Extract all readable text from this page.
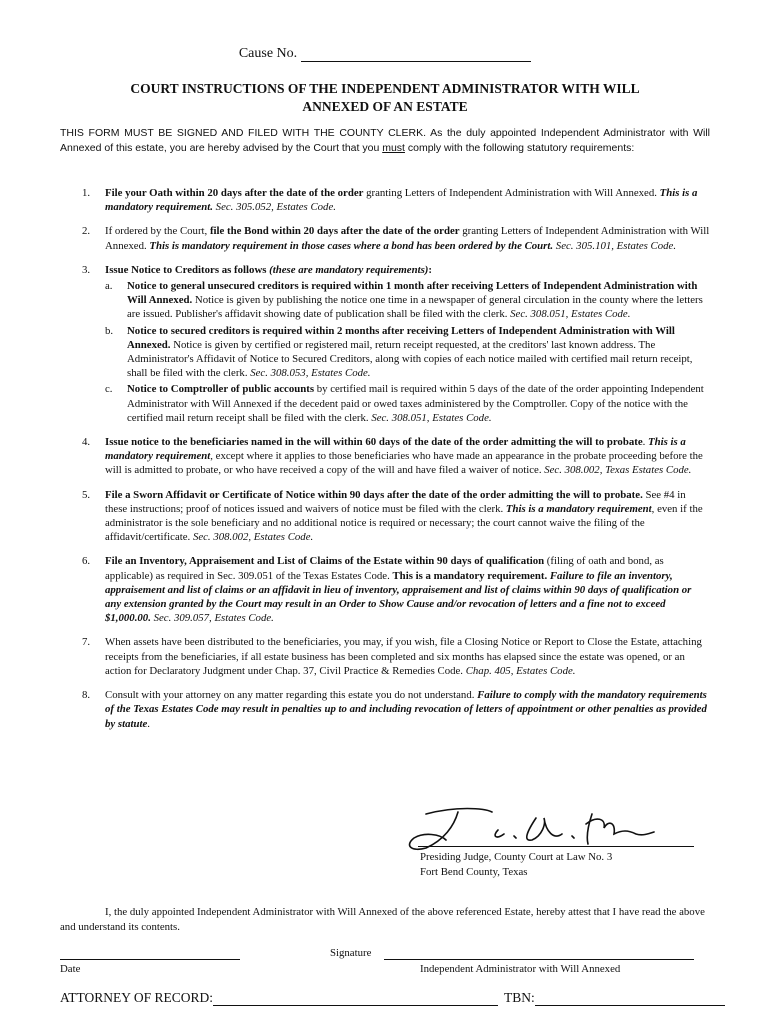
Cause No.
COURT INSTRUCTIONS OF THE INDEPENDENT ADMINISTRATOR WITH WILL
ANNEXED OF AN ESTATE
THIS FORM MUST BE SIGNED AND FILED WITH THE COUNTY CLERK. As the duly appointed Independent Administrator with Will Annexed of this estate, you are hereby advised by the Court that you must comply with the following statutory requirements:
1. File your Oath within 20 days after the date of the order granting Letters of Independent Administration with Will Annexed. This is a mandatory requirement. Sec. 305.052, Estates Code.
2. If ordered by the Court, file the Bond within 20 days after the date of the order granting Letters of Independent Administration with Will Annexed. This is mandatory requirement in those cases where a bond has been ordered by the Court. Sec. 305.101, Estates Code.
3. Issue Notice to Creditors as follows (these are mandatory requirements):
a. Notice to general unsecured creditors is required within 1 month after receiving Letters of Independent Administration with Will Annexed. Notice is given by publishing the notice one time in a newspaper of general circulation in the county where the letters are issued. Publisher's affidavit showing date of publication shall be filed with the clerk. Sec. 308.051, Estates Code.
b. Notice to secured creditors is required within 2 months after receiving Letters of Independent Administration with Will Annexed. Notice is given by certified or registered mail, return receipt requested, at the creditors' last known address. The Administrator's Affidavit of Notice to Secured Creditors, along with copies of each notice mailed with certified mail return receipt, shall be filed with the clerk. Sec. 308.053, Estates Code.
c. Notice to Comptroller of public accounts by certified mail is required within 5 days of the date of the order appointing Independent Administrator with Will Annexed if the decedent paid or owed taxes administered by the Comptroller. Copy of the notice with the certified mail return receipt shall be filed with the clerk. Sec. 308.051, Estates Code.
4. Issue notice to the beneficiaries named in the will within 60 days of the date of the order admitting the will to probate. This is a mandatory requirement, except where it applies to those beneficiaries who have made an appearance in the probate proceeding before the will is admitted to probate, or who have received a copy of the will and have filed a waiver of notice. Sec. 308.002, Texas Estates Code.
5. File a Sworn Affidavit or Certificate of Notice within 90 days after the date of the order admitting the will to probate. See #4 in these instructions; proof of notices issued and waivers of notice must be filed with the clerk. This is a mandatory requirement, even if the administrator is the sole beneficiary and no additional notice is required or necessary; the court cannot waive the filing of the affidavit/certificate. Sec. 308.002, Estates Code.
6. File an Inventory, Appraisement and List of Claims of the Estate within 90 days of qualification (filing of oath and bond, as applicable) as required in Sec. 309.051 of the Texas Estates Code. This is a mandatory requirement. Failure to file an inventory, appraisement and list of claims or an affidavit in lieu of inventory, appraisement and list of claims within 90 days of qualification or any extension granted by the Court may result in an Order to Show Cause and/or revocation of letters and a fine not to exceed $1,000.00. Sec. 309.057, Estates Code.
7. When assets have been distributed to the beneficiaries, you may, if you wish, file a Closing Notice or Report to Close the Estate, attaching receipts from the beneficiaries, if all estate business has been completed and six months has elapsed since the estate was opened, or an action for Declaratory Judgment under Chap. 37, Civil Practice & Remedies Code. Chap. 405, Estates Code.
8. Consult with your attorney on any matter regarding this estate you do not understand. Failure to comply with the mandatory requirements of the Texas Estates Code may result in penalties up to and including revocation of letters of appointment or other penalties as provided by statute.
Presiding Judge, County Court at Law No. 3
Fort Bend County, Texas
I, the duly appointed Independent Administrator with Will Annexed of the above referenced Estate, hereby attest that I have read the above and understand its contents.
Signature
Date	Independent Administrator with Will Annexed
ATTORNEY OF RECORD:	TBN:
